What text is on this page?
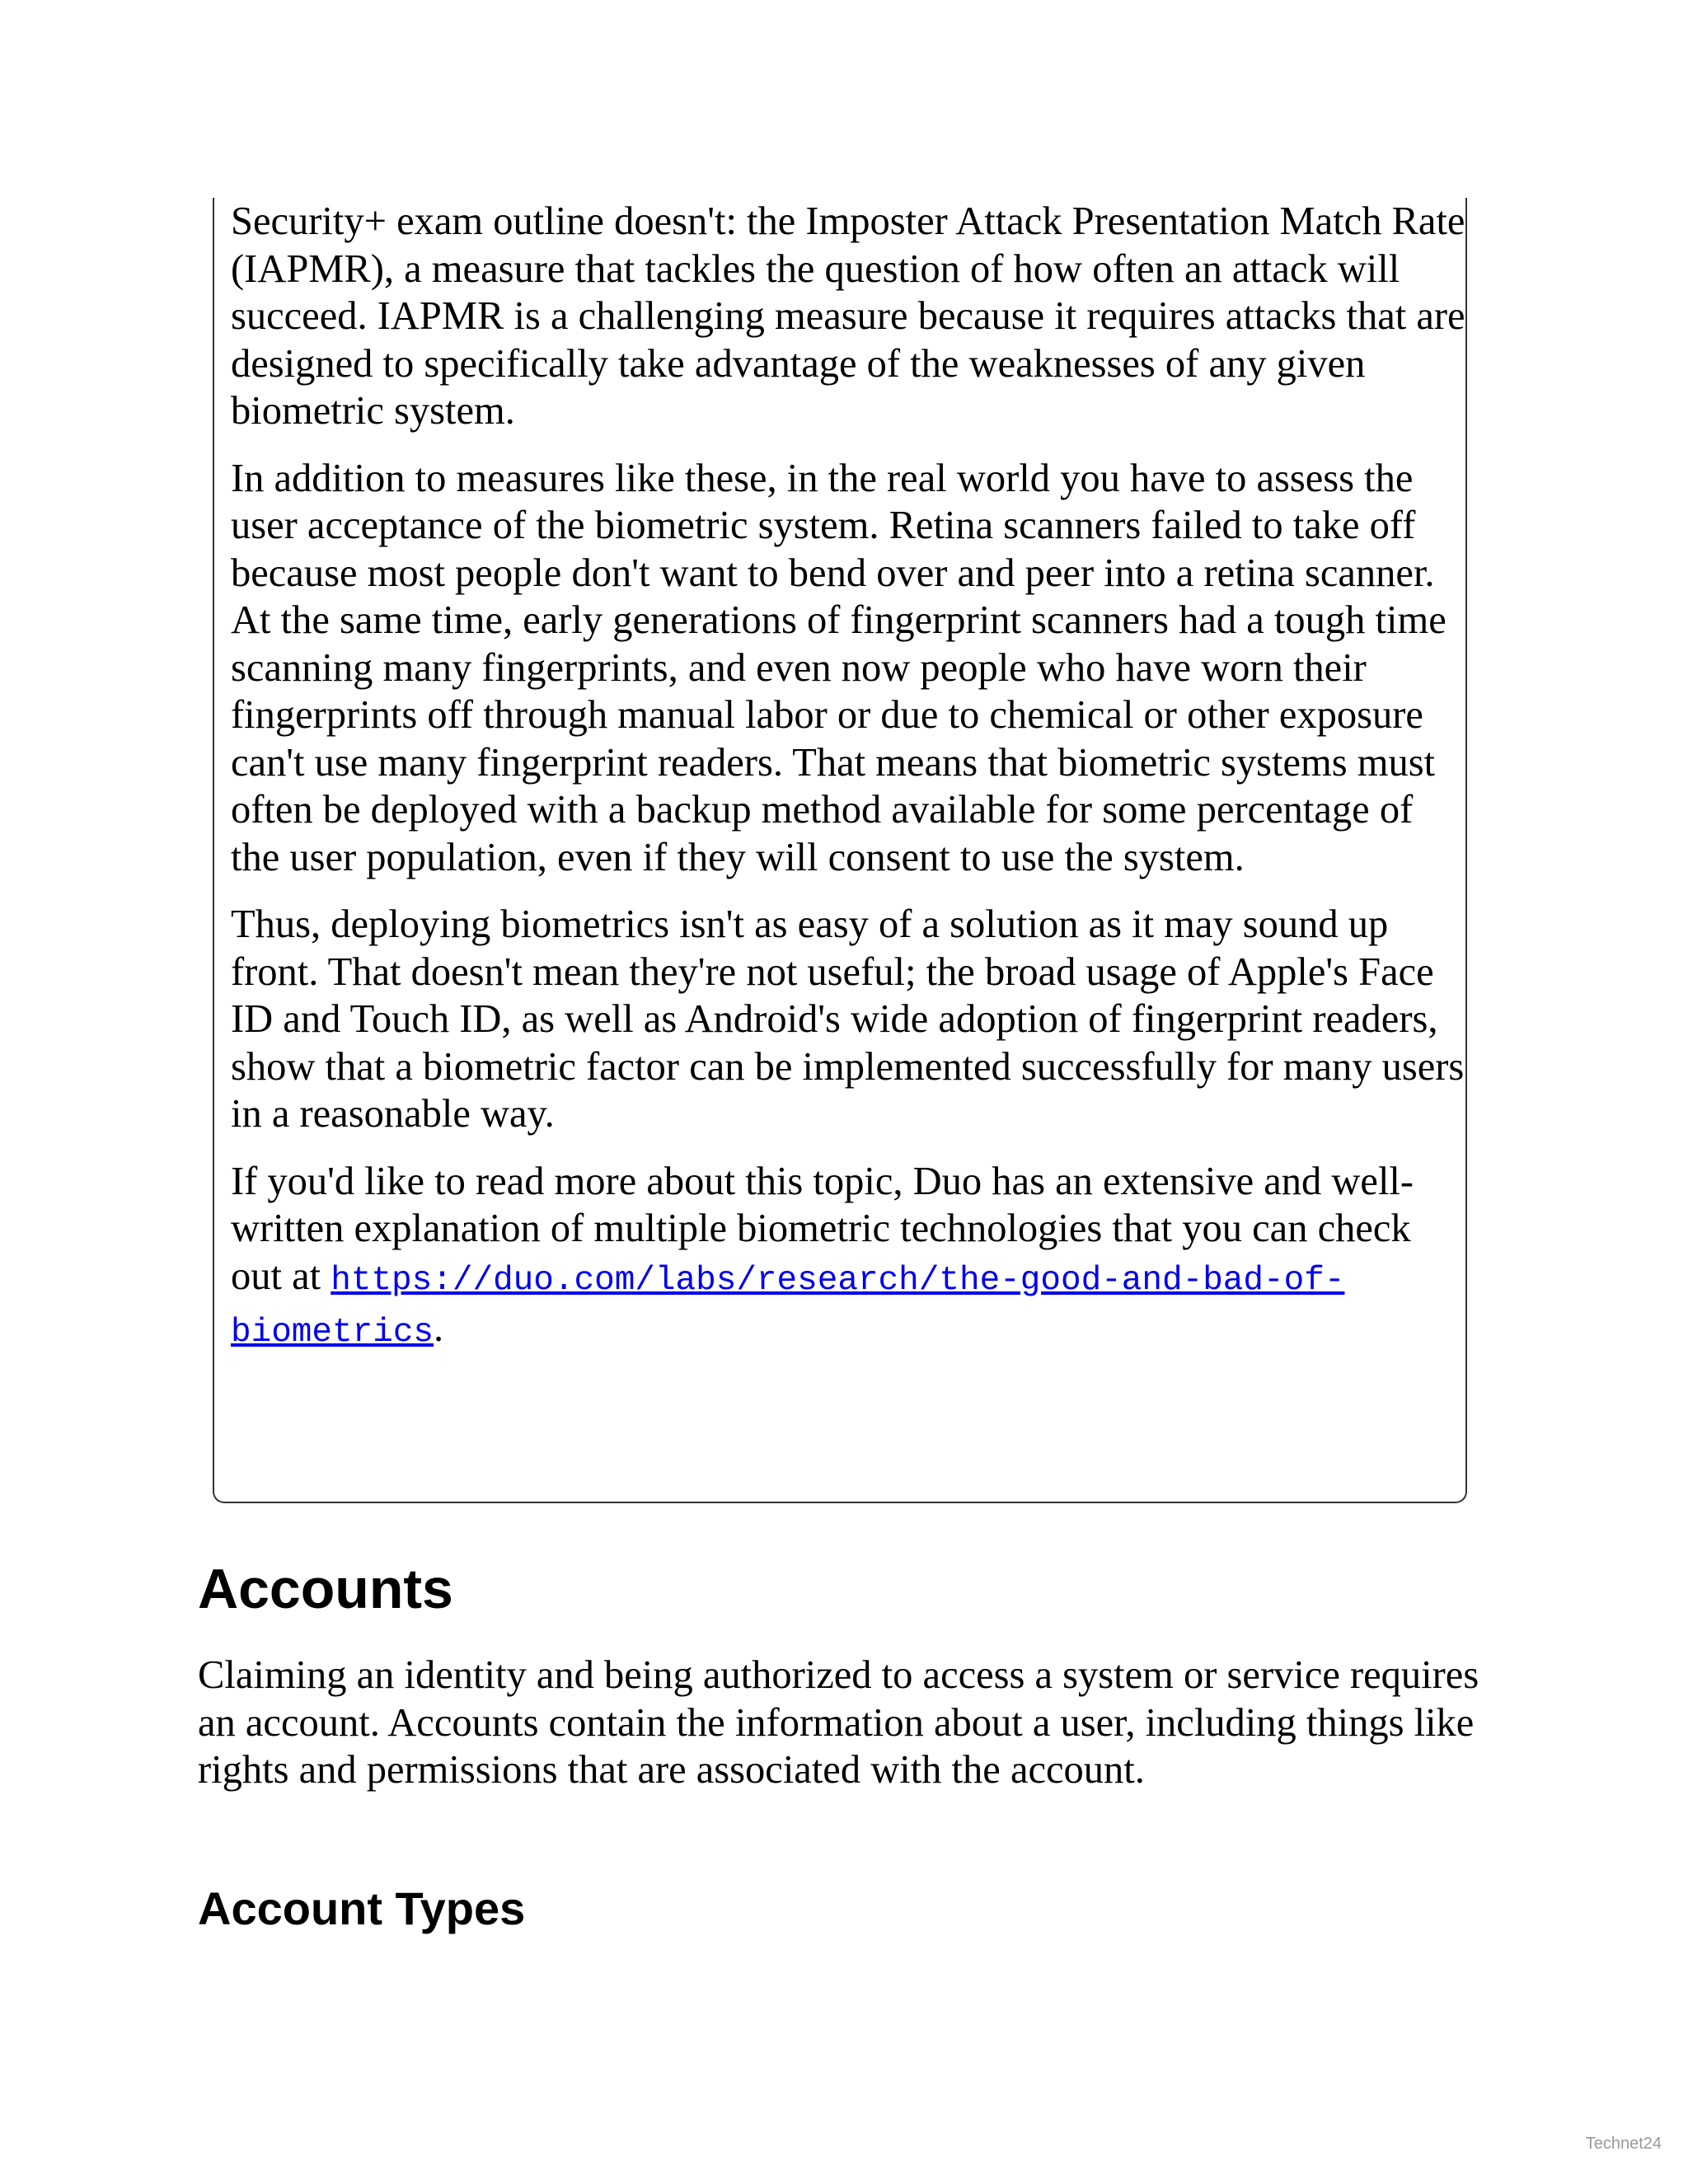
Security+ exam outline doesn't: the Imposter Attack Presentation Match Rate (IAPMR), a measure that tackles the question of how often an attack will succeed. IAPMR is a challenging measure because it requires attacks that are designed to specifically take advantage of the weaknesses of any given biometric system.

In addition to measures like these, in the real world you have to assess the user acceptance of the biometric system. Retina scanners failed to take off because most people don't want to bend over and peer into a retina scanner. At the same time, early generations of fingerprint scanners had a tough time scanning many fingerprints, and even now people who have worn their fingerprints off through manual labor or due to chemical or other exposure can't use many fingerprint readers. That means that biometric systems must often be deployed with a backup method available for some percentage of the user population, even if they will consent to use the system.

Thus, deploying biometrics isn't as easy of a solution as it may sound up front. That doesn't mean they're not useful; the broad usage of Apple's Face ID and Touch ID, as well as Android's wide adoption of fingerprint readers, show that a biometric factor can be implemented successfully for many users in a reasonable way.

If you'd like to read more about this topic, Duo has an extensive and well-written explanation of multiple biometric technologies that you can check out at https://duo.com/labs/research/the-good-and-bad-of-biometrics.

Accounts

Claiming an identity and being authorized to access a system or service requires an account. Accounts contain the information about a user, including things like rights and permissions that are associated with the account.

Account Types
Technet24
